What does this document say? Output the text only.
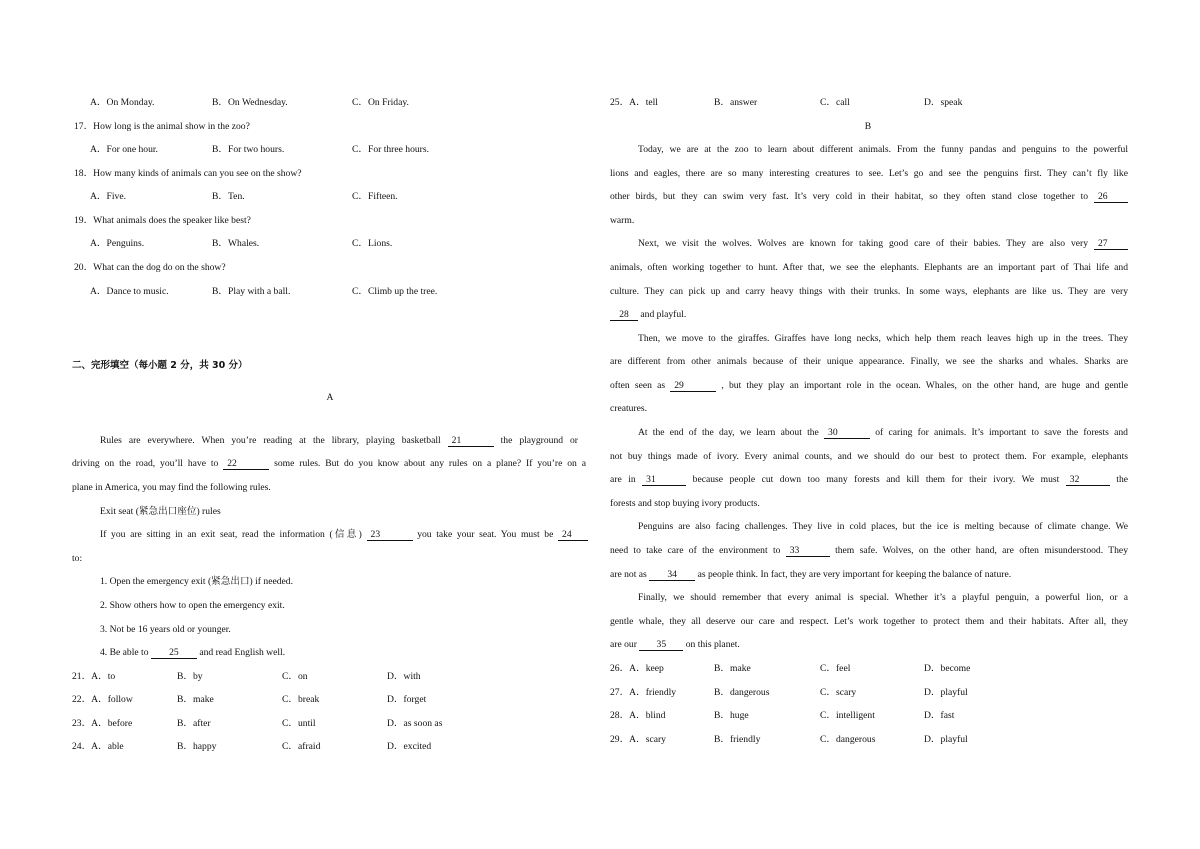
A．On Monday.	B．On Wednesday.	C．On Friday.
17．How long is the animal show in the zoo?
A．For one hour.	B．For two hours.	C．For three hours.
18．How many kinds of animals can you see on the show?
A．Five.	B．Ten.	C．Fifteen.
19．What animals does the speaker like best?
A．Penguins.	B．Whales.	C．Lions.
20．What can the dog do on the show?
A．Dance to music.	B．Play with a ball.	C．Climb up the tree.
二、完形填空（每小题 2 分，共 30 分）
A
Rules are everywhere. When you’re reading at the library, playing basketball 21	the playground or
driving on the road, you’ll have to 22	some rules. But do you know about any rules on a plane? If you’re on a
plane in America, you may find the following rules.
Exit seat (紧急出口座位) rules
If you are sitting in an exit seat, read the information (信息) 23	you take your seat. You must be 24
to:
1. Open the emergency exit (紧急出口) if needed.
2. Show others how to open the emergency exit.
3. Not be 16 years old or younger.
4. Be able to 25 and read English well.
21．A．to	B．by	C．on	D．with
22．A．follow	B．make	C．break	D．forget
23．A．before	B．after	C．until	D．as soon as
24．A．able	B．happy	C．afraid	D．excited
25．A．tell	B．answer	C．call	D．speak
B
Today, we are at the zoo to learn about different animals. From the funny pandas and penguins to the powerful
lions and eagles, there are so many interesting creatures to see. Let’s go and see the penguins first. They can’t fly like
other birds, but they can swim very fast. It’s very cold in their habitat, so they often stand close together to 26
warm.
Next, we visit the wolves. Wolves are known for taking good care of their babies. They are also very 27
animals, often working together to hunt. After that, we see the elephants. Elephants are an important part of Thai life and
culture. They can pick up and carry heavy things with their trunks. In some ways, elephants are like us. They are very
28 and playful.
Then, we move to the giraffes. Giraffes have long necks, which help them reach leaves high up in the trees. They
are different from other animals because of their unique appearance. Finally, we see the sharks and whales. Sharks are
often seen as 29	, but they play an important role in the ocean. Whales, on the other hand, are huge and gentle
creatures.
At the end of the day, we learn about the 30	of caring for animals. It’s important to save the forests and
not buy things made of ivory. Every animal counts, and we should do our best to protect them. For example, elephants
are in 31	because people cut down too many forests and kill them for their ivory. We must 32	the
forests and stop buying ivory products.
Penguins are also facing challenges. They live in cold places, but the ice is melting because of climate change. We
need to take care of the environment to 33	them safe. Wolves, on the other hand, are often misunderstood. They
are not as 34 as people think. In fact, they are very important for keeping the balance of nature.
Finally, we should remember that every animal is special. Whether it’s a playful penguin, a powerful lion, or a
gentle whale, they all deserve our care and respect. Let’s work together to protect them and their habitats. After all, they
are our 35 on this planet.
26．A．keep	B．make	C．feel	D．become
27．A．friendly	B．dangerous	C．scary	D．playful
28．A．blind	B．huge	C．intelligent	D．fast
29．A．scary	B．friendly	C．dangerous	D．playful
